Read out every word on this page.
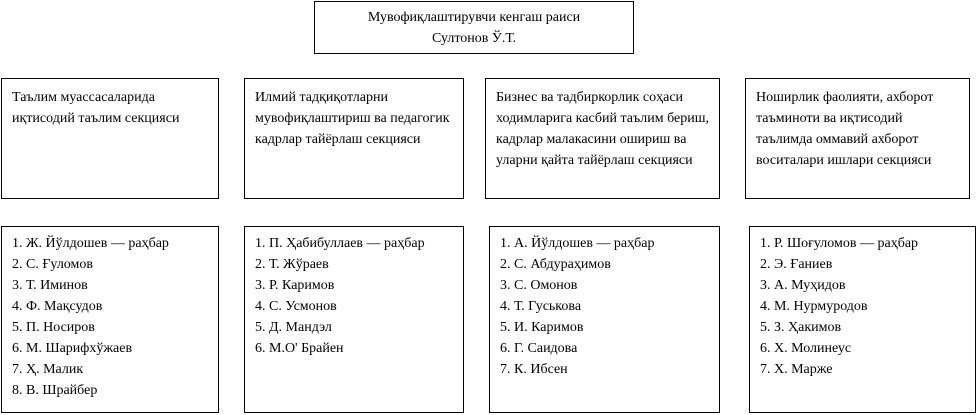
Мувофиқлаштирувчи кенгаш раиси
Султонов Ў.Т.
Таълим муассасаларида иқтисодий таълим секцияси
Илмий тадқиқотларни мувофиқлаштириш ва педагогик кадрлар тайёрлаш секцияси
Бизнес ва тадбиркорлик соҳаси ходимларига касбий таълим бериш, кадрлар малакасини ошириш ва уларни қайта тайёрлаш секцияси
Ноширлик фаолияти, ахборот таъминоти ва иқтисодий таълимда оммавий ахборот воситалари ишлари секцияси
1. Ж. Йўлдошев — раҳбар
2. С. Ғуломов
3. Т. Иминов
4. Ф. Мақсудов
5. П. Носиров
6. М. Шарифхўжаев
7. Ҳ. Малик
8. В. Шрайбер
1. П. Ҳабибуллаев — раҳбар
2. Т. Жўраев
3. Р. Каримов
4. С. Усмонов
5. Д. Мандэл
6. М.О' Брайен
1. А. Йўлдошев — раҳбар
2. С. Абдураҳимов
3. С. Омонов
4. Т. Гуськова
5. И. Каримов
6. Г. Саидова
7. К. Ибсен
1. Р. Шоғуломов — раҳбар
2. Э. Ғаниев
3. А. Муҳидов
4. М. Нурмуродов
5. З. Ҳакимов
6. Х. Молинеус
7. Х. Марже
